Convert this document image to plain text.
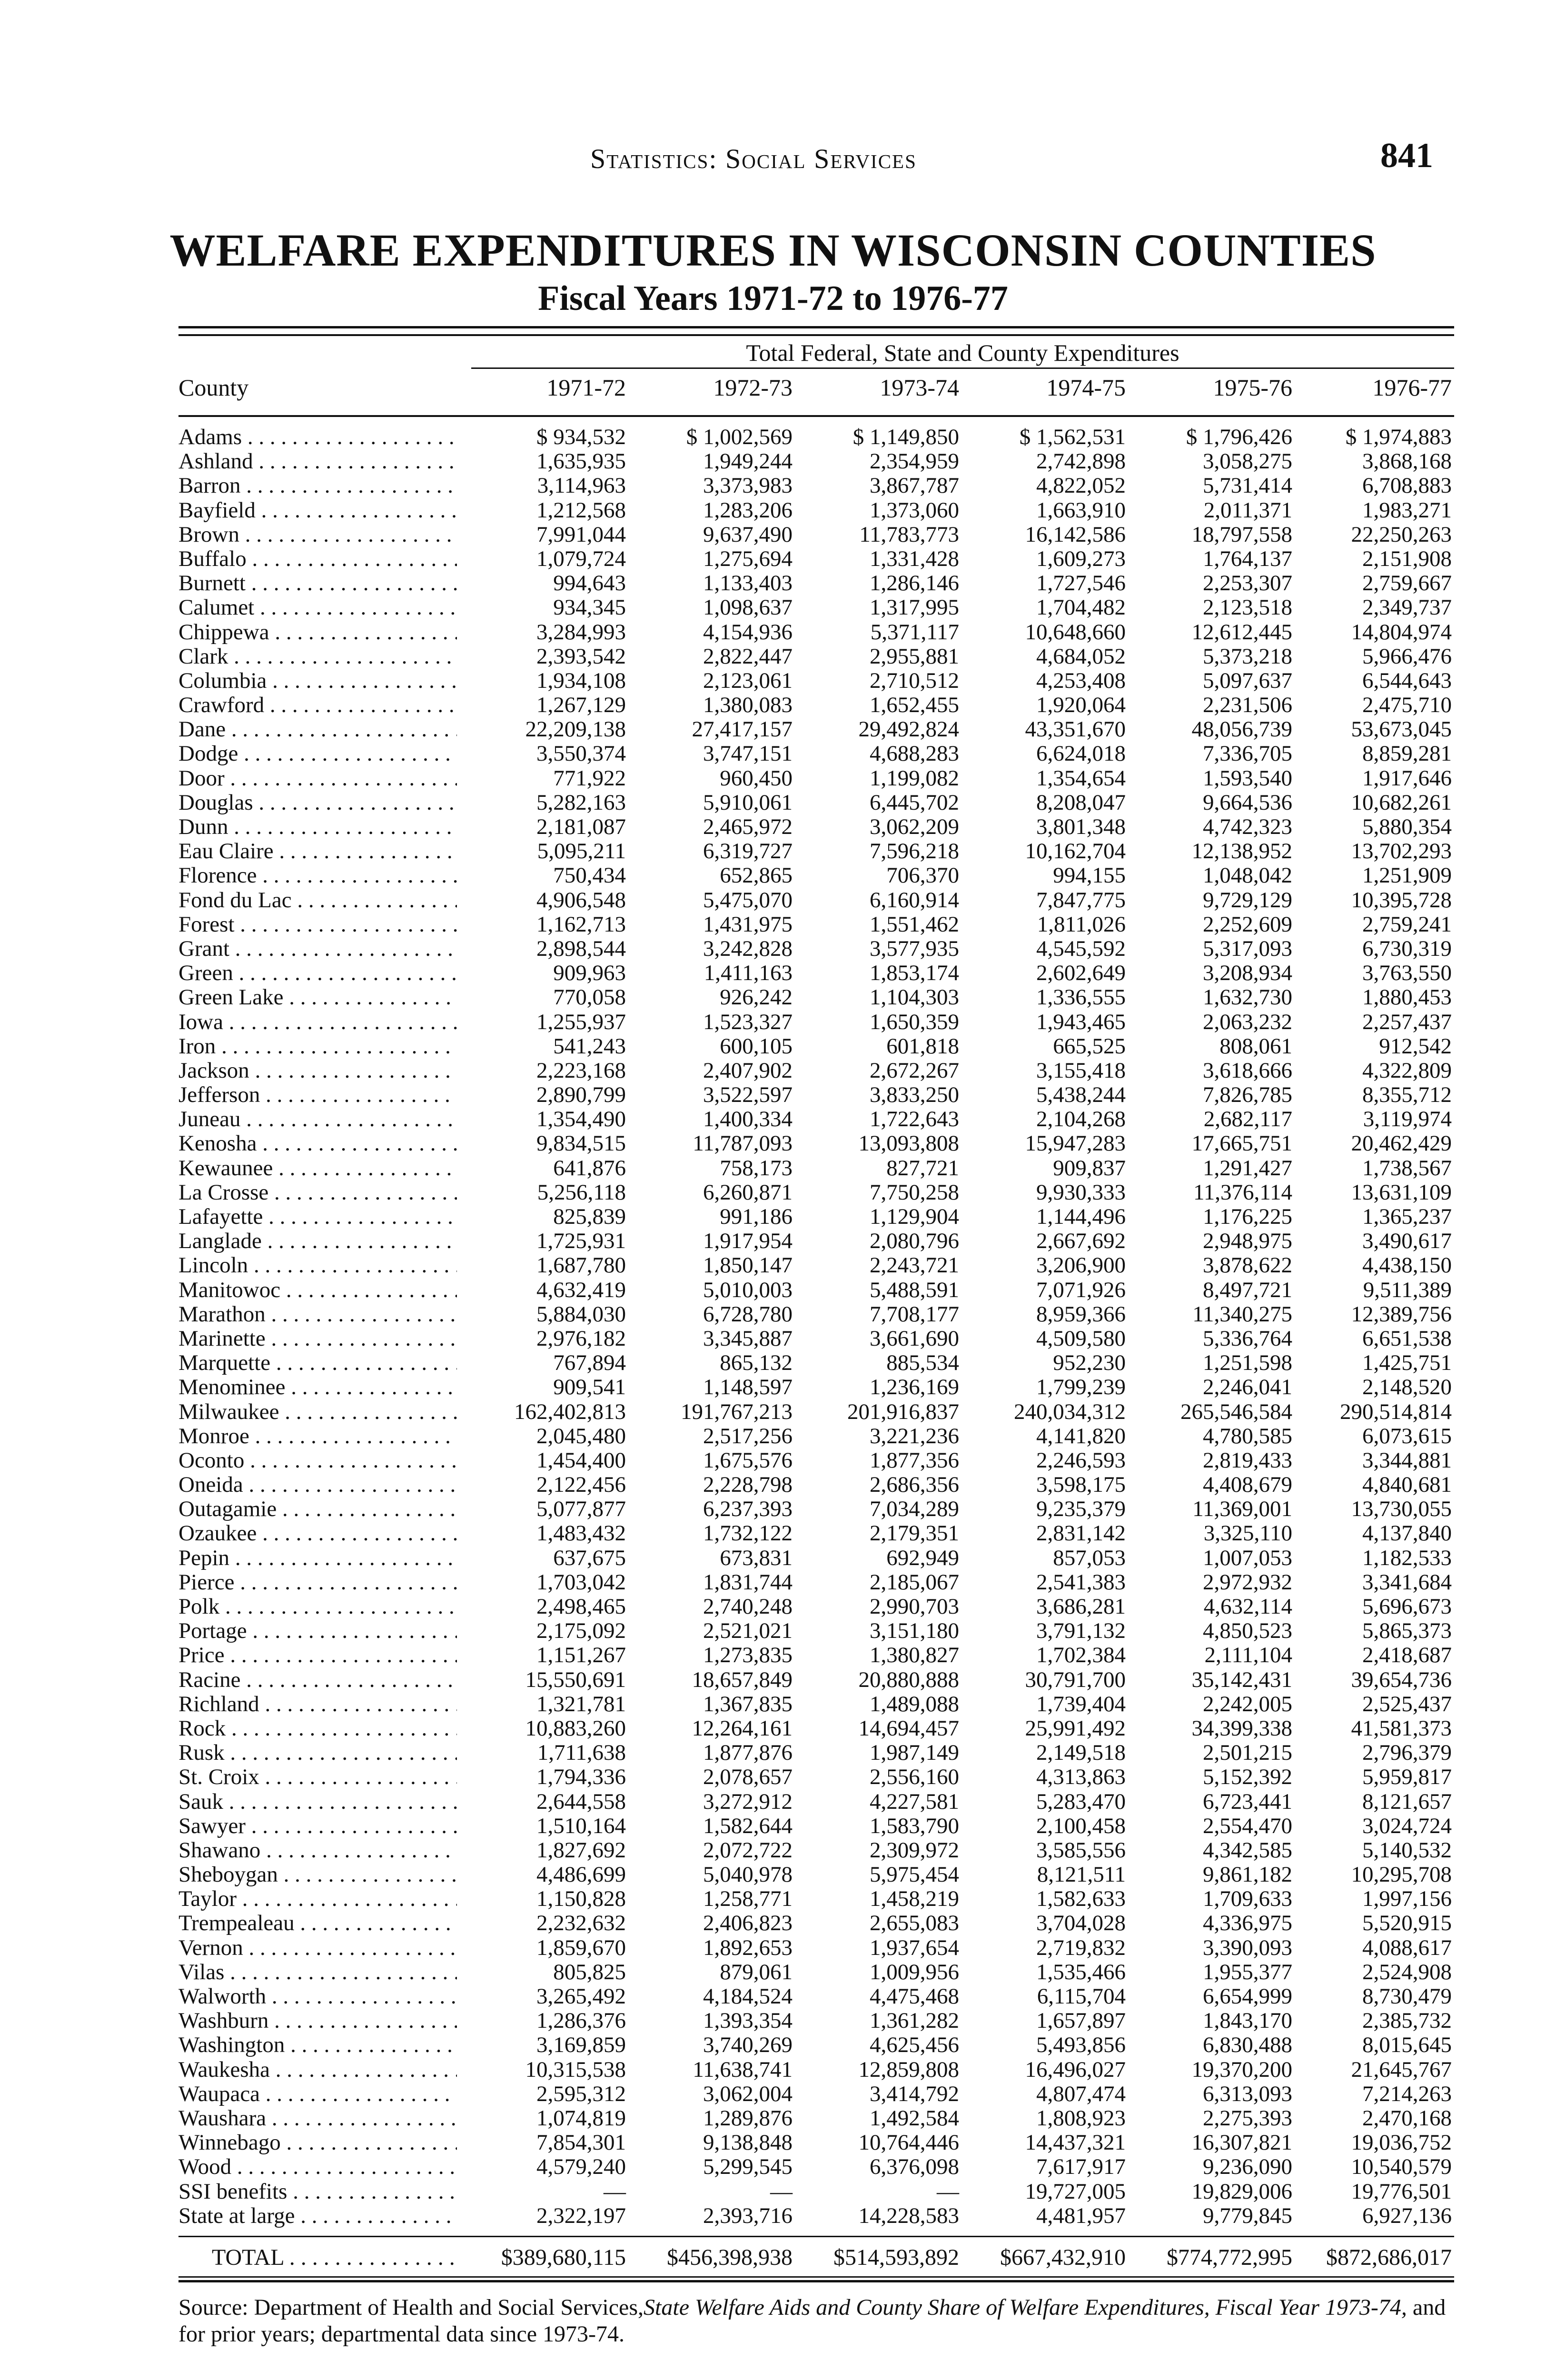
Statistics: Social Services	841
WELFARE EXPENDITURES IN WISCONSIN COUNTIES
Fiscal Years 1971-72 to 1976-77
Total Federal, State and County Expenditures
County	1971-72	1972-73	1973-74	1974-75	1975-76	1976-77
Adams . . .	$ 934,532	$ 1,002,569	$ 1,149,850	$ 1,562,531	$ 1,796,426	$ 1,974,883
Ashland . . .	1,635,935	1,949,244	2,354,959	2,742,898	3,058,275	3,868,168
Barron . . .	3,114,963	3,373,983	3,867,787	4,822,052	5,731,414	6,708,883
Bayfield . . .	1,212,568	1,283,206	1,373,060	1,663,910	2,011,371	1,983,271
Brown . . .	7,991,044	9,637,490	11,783,773	16,142,586	18,797,558	22,250,263
Buffalo . . .	1,079,724	1,275,694	1,331,428	1,609,273	1,764,137	2,151,908
Burnett . . .	994,643	1,133,403	1,286,146	1,727,546	2,253,307	2,759,667
Calumet . . .	934,345	1,098,637	1,317,995	1,704,482	2,123,518	2,349,737
Chippewa . . .	3,284,993	4,154,936	5,371,117	10,648,660	12,612,445	14,804,974
Clark . . .	2,393,542	2,822,447	2,955,881	4,684,052	5,373,218	5,966,476
Columbia . . .	1,934,108	2,123,061	2,710,512	4,253,408	5,097,637	6,544,643
Crawford . . .	1,267,129	1,380,083	1,652,455	1,920,064	2,231,506	2,475,710
Dane . . .	22,209,138	27,417,157	29,492,824	43,351,670	48,056,739	53,673,045
Dodge . . .	3,550,374	3,747,151	4,688,283	6,624,018	7,336,705	8,859,281
Door . . .	771,922	960,450	1,199,082	1,354,654	1,593,540	1,917,646
Douglas . . .	5,282,163	5,910,061	6,445,702	8,208,047	9,664,536	10,682,261
Dunn . . .	2,181,087	2,465,972	3,062,209	3,801,348	4,742,323	5,880,354
Eau Claire . . .	5,095,211	6,319,727	7,596,218	10,162,704	12,138,952	13,702,293
Florence . . .	750,434	652,865	706,370	994,155	1,048,042	1,251,909
Fond du Lac . . .	4,906,548	5,475,070	6,160,914	7,847,775	9,729,129	10,395,728
Forest . . .	1,162,713	1,431,975	1,551,462	1,811,026	2,252,609	2,759,241
Grant . . .	2,898,544	3,242,828	3,577,935	4,545,592	5,317,093	6,730,319
Green . . .	909,963	1,411,163	1,853,174	2,602,649	3,208,934	3,763,550
Green Lake . . .	770,058	926,242	1,104,303	1,336,555	1,632,730	1,880,453
Iowa . . .	1,255,937	1,523,327	1,650,359	1,943,465	2,063,232	2,257,437
Iron . . .	541,243	600,105	601,818	665,525	808,061	912,542
Jackson . . .	2,223,168	2,407,902	2,672,267	3,155,418	3,618,666	4,322,809
Jefferson . . .	2,890,799	3,522,597	3,833,250	5,438,244	7,826,785	8,355,712
Juneau . . .	1,354,490	1,400,334	1,722,643	2,104,268	2,682,117	3,119,974
Kenosha . . .	9,834,515	11,787,093	13,093,808	15,947,283	17,665,751	20,462,429
Kewaunee . . .	641,876	758,173	827,721	909,837	1,291,427	1,738,567
La Crosse . . .	5,256,118	6,260,871	7,750,258	9,930,333	11,376,114	13,631,109
Lafayette . . .	825,839	991,186	1,129,904	1,144,496	1,176,225	1,365,237
Langlade . . .	1,725,931	1,917,954	2,080,796	2,667,692	2,948,975	3,490,617
Lincoln . . .	1,687,780	1,850,147	2,243,721	3,206,900	3,878,622	4,438,150
Manitowoc . . .	4,632,419	5,010,003	5,488,591	7,071,926	8,497,721	9,511,389
Marathon . . .	5,884,030	6,728,780	7,708,177	8,959,366	11,340,275	12,389,756
Marinette . . .	2,976,182	3,345,887	3,661,690	4,509,580	5,336,764	6,651,538
Marquette . . .	767,894	865,132	885,534	952,230	1,251,598	1,425,751
Menominee . . .	909,541	1,148,597	1,236,169	1,799,239	2,246,041	2,148,520
Milwaukee . . .	162,402,813	191,767,213	201,916,837	240,034,312	265,546,584	290,514,814
Monroe . . .	2,045,480	2,517,256	3,221,236	4,141,820	4,780,585	6,073,615
Oconto . . .	1,454,400	1,675,576	1,877,356	2,246,593	2,819,433	3,344,881
Oneida . . .	2,122,456	2,228,798	2,686,356	3,598,175	4,408,679	4,840,681
Outagamie . . .	5,077,877	6,237,393	7,034,289	9,235,379	11,369,001	13,730,055
Ozaukee . . .	1,483,432	1,732,122	2,179,351	2,831,142	3,325,110	4,137,840
Pepin . . .	637,675	673,831	692,949	857,053	1,007,053	1,182,533
Pierce . . .	1,703,042	1,831,744	2,185,067	2,541,383	2,972,932	3,341,684
Polk . . .	2,498,465	2,740,248	2,990,703	3,686,281	4,632,114	5,696,673
Portage . . .	2,175,092	2,521,021	3,151,180	3,791,132	4,850,523	5,865,373
Price . . .	1,151,267	1,273,835	1,380,827	1,702,384	2,111,104	2,418,687
Racine . . .	15,550,691	18,657,849	20,880,888	30,791,700	35,142,431	39,654,736
Richland . . .	1,321,781	1,367,835	1,489,088	1,739,404	2,242,005	2,525,437
Rock . . .	10,883,260	12,264,161	14,694,457	25,991,492	34,399,338	41,581,373
Rusk . . .	1,711,638	1,877,876	1,987,149	2,149,518	2,501,215	2,796,379
St. Croix . . .	1,794,336	2,078,657	2,556,160	4,313,863	5,152,392	5,959,817
Sauk . . .	2,644,558	3,272,912	4,227,581	5,283,470	6,723,441	8,121,657
Sawyer . . .	1,510,164	1,582,644	1,583,790	2,100,458	2,554,470	3,024,724
Shawano . . .	1,827,692	2,072,722	2,309,972	3,585,556	4,342,585	5,140,532
Sheboygan . . .	4,486,699	5,040,978	5,975,454	8,121,511	9,861,182	10,295,708
Taylor . . .	1,150,828	1,258,771	1,458,219	1,582,633	1,709,633	1,997,156
Trempealeau . . .	2,232,632	2,406,823	2,655,083	3,704,028	4,336,975	5,520,915
Vernon . . .	1,859,670	1,892,653	1,937,654	2,719,832	3,390,093	4,088,617
Vilas . . .	805,825	879,061	1,009,956	1,535,466	1,955,377	2,524,908
Walworth . . .	3,265,492	4,184,524	4,475,468	6,115,704	6,654,999	8,730,479
Washburn . . .	1,286,376	1,393,354	1,361,282	1,657,897	1,843,170	2,385,732
Washington . . .	3,169,859	3,740,269	4,625,456	5,493,856	6,830,488	8,015,645
Waukesha . . .	10,315,538	11,638,741	12,859,808	16,496,027	19,370,200	21,645,767
Waupaca . . .	2,595,312	3,062,004	3,414,792	4,807,474	6,313,093	7,214,263
Waushara . . .	1,074,819	1,289,876	1,492,584	1,808,923	2,275,393	2,470,168
Winnebago . . .	7,854,301	9,138,848	10,764,446	14,437,321	16,307,821	19,036,752
Wood . . .	4,579,240	5,299,545	6,376,098	7,617,917	9,236,090	10,540,579
SSI benefits . . .	—	—	—	19,727,005	19,829,006	19,776,501
State at large . . .	2,322,197	2,393,716	14,228,583	4,481,957	9,779,845	6,927,136
TOTAL . . .	$389,680,115	$456,398,938	$514,593,892	$667,432,910	$774,772,995	$872,686,017
Source: Department of Health and Social Services,State Welfare Aids and County Share of Welfare Expenditures, Fiscal Year 1973-74, and for prior years; departmental data since 1973-74.
